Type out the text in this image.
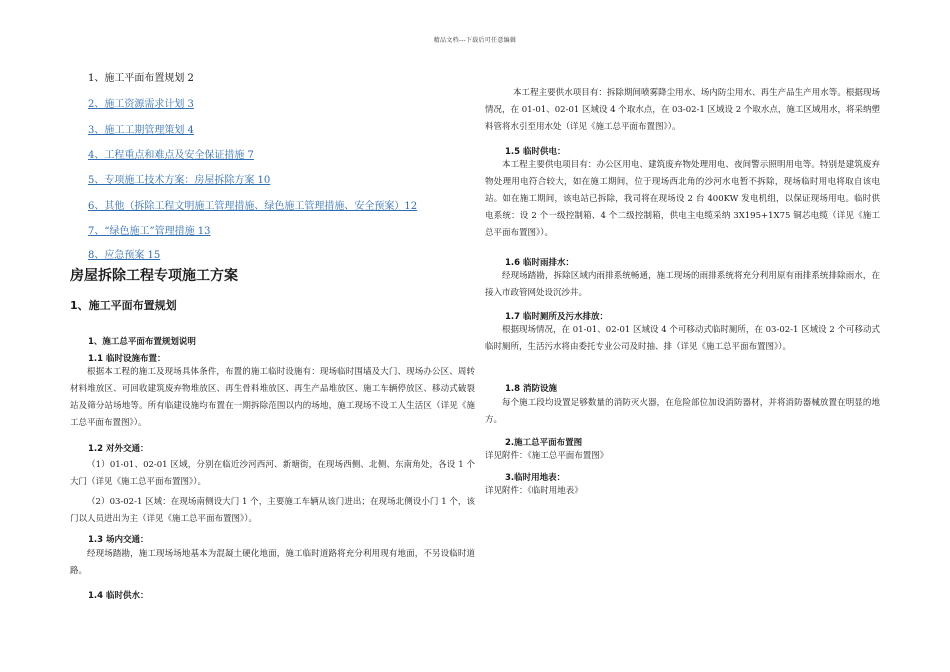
精品文档---下载后可任意编辑
1、施工平面布置规划 2
2、施工资源需求计划 3
3、施工工期管理策划 4
4、工程重点和难点及安全保证措施 7
5、专项施工技术方案：房屋拆除方案 10
6、其他（拆除工程文明施工管理措施、绿色施工管理措施、安全预案）12
7、“绿色施工”管理措施 13
8、应急预案 15
房屋拆除工程专项施工方案
1、施工平面布置规划
1、施工总平面布置规划说明
1.1 临时设施布置：
根据本工程的施工及现场具体条件，布置的施工临时设施有：现场临时围墙及大门、现场办公区、周转材料堆放区、可回收建筑废弃物堆放区、再生骨料堆放区、再生产品堆放区、施工车辆停放区、移动式破裂站及筛分站场地等。所有临建设施均布置在一期拆除范围以内的场地，施工现场不设工人生活区（详见《施工总平面布置图》）。
1.2 对外交通：
（1）01-01、02-01 区域，分别在临近沙河西河、新塘街，在现场西侧、北侧、东南角处，各设 1 个大门（详见《施工总平面布置图》）。
（2）03-02-1 区域：在现场南侧设大门 1 个，主要施工车辆从该门进出；在现场北侧设小门 1 个，该门以人员进出为主（详见《施工总平面布置图》）。
1.3 场内交通：
经现场踏勘，施工现场场地基本为混凝土硬化地面，施工临时道路将充分利用现有地面，不另设临时道路。
1.4 临时供水：
本工程主要供水项目有：拆除期间喷雾降尘用水、场内防尘用水、再生产品生产用水等。根据现场情况，在 01-01、02-01 区域设 4 个取水点，在 03-02-1 区域设 2 个取水点，施工区域用水，将采纳塑料管将水引至用水处（详见《施工总平面布置图》）。
1.5 临时供电：
本工程主要供电项目有：办公区用电、建筑废弃物处理用电、夜间警示照明用电等。特别是建筑废弃物处理用电符合较大，如在施工期间，位于现场西北角的沙河水电暂不拆除，现场临时用电将取自该电站。如在施工期间，该电站已拆除，我司将在现场设 2 台 400KW 发电机组，以保证现场用电。临时供电系统：设 2 个一级控制箱、4 个二级控制箱，供电主电缆采纳 3X195+1X75 铜芯电缆（详见《施工总平面布置图》）。
1.6 临时雨排水：
经现场踏勘，拆除区域内雨排系统畅通，施工现场的雨排系统将充分利用原有雨排系统排除雨水，在接入市政管网处设沉沙井。
1.7 临时厕所及污水排放：
根据现场情况，在 01-01、02-01 区域设 4 个可移动式临时厕所，在 03-02-1 区域设 2 个可移动式临时厕所，生活污水将由委托专业公司及时抽、排（详见《施工总平面布置图》）。
1.8 消防设施
每个施工段均设置足够数量的消防灭火器，在危险部位加设消防器材，并将消防器械放置在明显的地方。
2.施工总平面布置图
详见附件：《施工总平面布置图》
3.临时用地表：
详见附件：《临时用地表》
